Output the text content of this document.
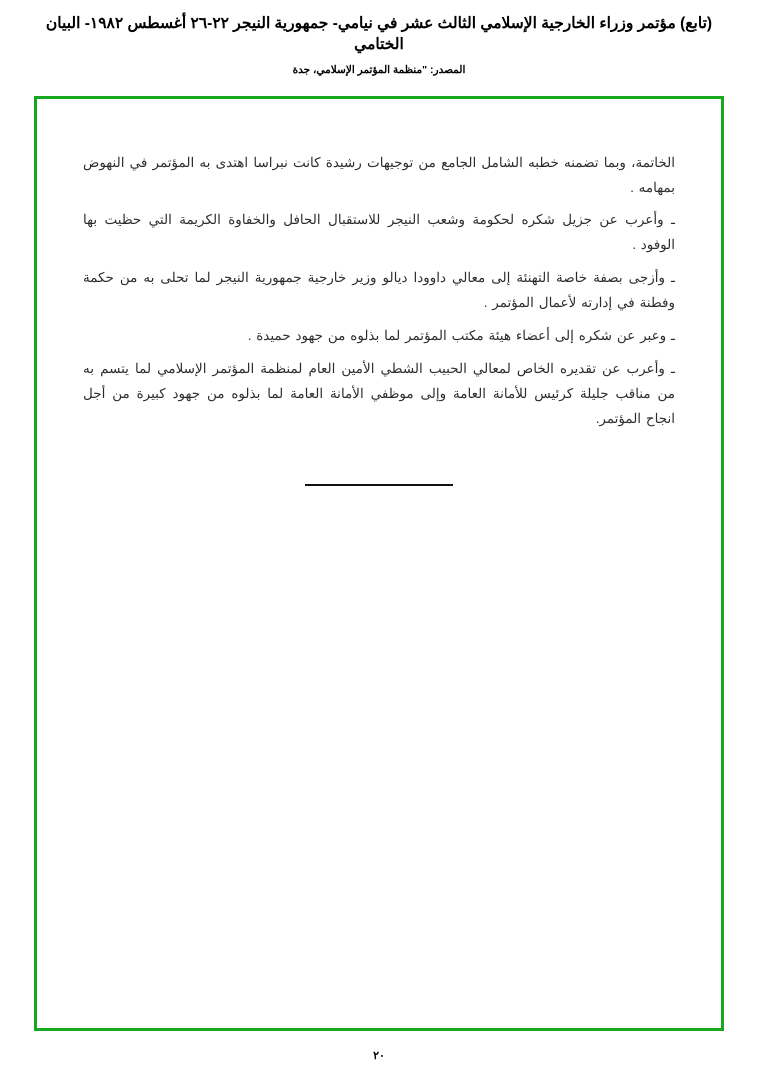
(تابع) مؤتمر وزراء الخارجية الإسلامي الثالث عشر في نيامي- جمهورية النيجر ٢٢-٢٦ أغسطس ١٩٨٢- البيان الختامي
المصدر: "منظمة المؤتمر الإسلامي، جدة

الخاتمة، وبما تضمنه خطبه الشامل الجامع من توجيهات رشيدة كانت نبراسا اهتدى به المؤتمر في النهوض بمهامه .

ـ وأعرب عن جزيل شكره لحكومة وشعب النيجر للاستقبال الحافل والخفاوة الكريمة التي حظيت بها الوفود .

ـ وأزجى بصفة خاصة التهنئة إلى معالي داوودا ديالو وزير خارجية جمهورية النيجر لما تحلى به من حكمة وفطنة في إدارته لأعمال المؤتمر .

ـ وعبر عن شكره إلى أعضاء هيئة مكتب المؤتمر لما بذلوه من جهود حميدة .

ـ وأعرب عن تقديره الخاص لمعالي الحبيب الشطي الأمين العام لمنظمة المؤتمر الإسلامي لما يتسم به من مناقب جليلة كرئيس للأمانة العامة وإلى موظفي الأمانة العامة لما بذلوه من جهود كبيرة من أجل انجاح المؤتمر.

٢٠
